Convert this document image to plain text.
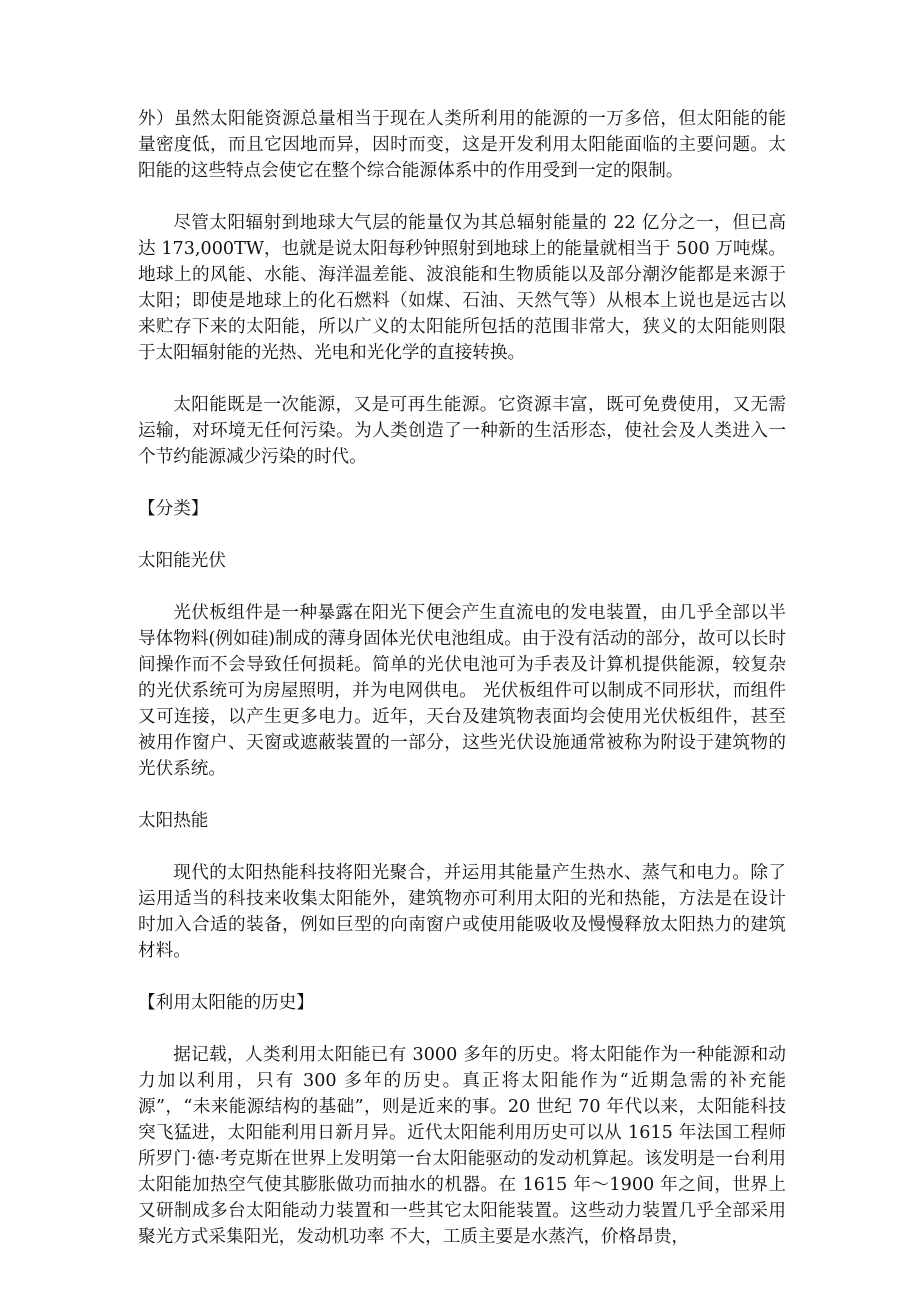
外）虽然太阳能资源总量相当于现在人类所利用的能源的一万多倍，但太阳能的能量密度低，而且它因地而异，因时而变，这是开发利用太阳能面临的主要问题。太阳能的这些特点会使它在整个综合能源体系中的作用受到一定的限制。

尽管太阳辐射到地球大气层的能量仅为其总辐射能量的 22 亿分之一，但已高达 173,000TW，也就是说太阳每秒钟照射到地球上的能量就相当于 500 万吨煤。地球上的风能、水能、海洋温差能、波浪能和生物质能以及部分潮汐能都是来源于太阳；即使是地球上的化石燃料（如煤、石油、天然气等）从根本上说也是远古以来贮存下来的太阳能，所以广义的太阳能所包括的范围非常大，狭义的太阳能则限于太阳辐射能的光热、光电和光化学的直接转换。

太阳能既是一次能源，又是可再生能源。它资源丰富，既可免费使用，又无需运输，对环境无任何污染。为人类创造了一种新的生活形态，使社会及人类进入一个节约能源减少污染的时代。

【分类】

太阳能光伏

光伏板组件是一种暴露在阳光下便会产生直流电的发电装置，由几乎全部以半导体物料(例如硅)制成的薄身固体光伏电池组成。由于没有活动的部分，故可以长时间操作而不会导致任何损耗。简单的光伏电池可为手表及计算机提供能源，较复杂的光伏系统可为房屋照明，并为电网供电。 光伏板组件可以制成不同形状，而组件又可连接，以产生更多电力。近年，天台及建筑物表面均会使用光伏板组件，甚至被用作窗户、天窗或遮蔽装置的一部分，这些光伏设施通常被称为附设于建筑物的光伏系统。

太阳热能

现代的太阳热能科技将阳光聚合，并运用其能量产生热水、蒸气和电力。除了运用适当的科技来收集太阳能外，建筑物亦可利用太阳的光和热能，方法是在设计时加入合适的装备，例如巨型的向南窗户或使用能吸收及慢慢释放太阳热力的建筑材料。

【利用太阳能的历史】

据记载，人类利用太阳能已有 3000 多年的历史。将太阳能作为一种能源和动力加以利用，只有 300 多年的历史。真正将太阳能作为“近期急需的补充能源”，“未来能源结构的基础”，则是近来的事。20 世纪 70 年代以来，太阳能科技突飞猛进，太阳能利用日新月异。近代太阳能利用历史可以从 1615 年法国工程师所罗门·德·考克斯在世界上发明第一台太阳能驱动的发动机算起。该发明是一台利用太阳能加热空气使其膨胀做功而抽水的机器。在 1615 年～1900 年之间，世界上又研制成多台太阳能动力装置和一些其它太阳能装置。这些动力装置几乎全部采用聚光方式采集阳光，发动机功率 不大，工质主要是水蒸汽，价格昂贵，
